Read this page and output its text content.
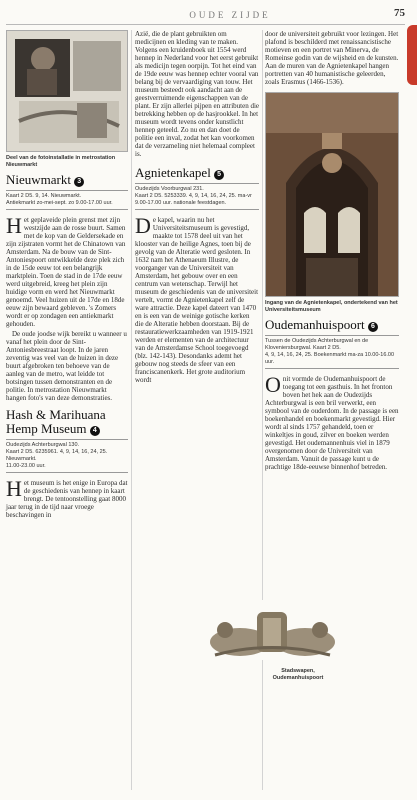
OUDE ZIJDE	75
Deel van de fotoinstallatie in metrostation Nieuwmarkt
Nieuwmarkt 3

Kaart 2 D5. 9, 14. Nieuwmarkt.

Antiekmarkt zo-mei-sept. zo 9.00-17.00 uur.

Het geplaveide plein grenst met zijn westzijde aan de rosse buurt. Samen met de kop van de Geldersekade en zijn zijstraten vormt het de Chinatown van Amsterdam. Na de bouw van de Sint-Antoniespoort ontwikkelde deze plek zich in de 15de eeuw tot een belangrijk marktplein. Toen de stad in de 17de eeuw werd uitgebreid, kreeg het plein zijn huidige vorm en werd het Nieuwmarkt genoemd. Veel huizen uit de 17de en 18de eeuw zijn bewaard gebleven. 's Zomers wordt er op zondagen een antiekmarkt gehouden.

De oude joodse wijk bereikt u wanneer u vanaf het plein door de Sint-Antoniesbreestraat loopt. In de jaren zeventig was veel van de huizen in deze buurt afgebroken ten behoeve van de aanleg van de metro, wat leidde tot botsingen tussen demonstranten en de politie. In metrostation Nieuwmarkt hangen foto's van deze demonstraties.

Hash & Marihuana Hemp Museum 4

Oudezijds Achterburgwal 130.

Kaart 2 D5. 6235961. 4, 9, 14, 16, 24, 25. Nieuwmarkt.

11.00-23.00 uur.

Het museum is het enige in Europa dat de geschiedenis van hennep in kaart brengt. De tentoonstelling gaat 8000 jaar terug in de tijd naar vroege beschavingen in

Azië, die de plant gebruikten om medicijnen en kleding van te maken. Volgens een kruidenboek uit 1554 werd hennep in Nederland voor het eerst gebruikt als medicijn tegen oorpijn. Tot het eind van de 19de eeuw was hennep echter vooral van belang bij de vervaardiging van touw. Het museum besteedt ook aandacht aan de geestverruimende eigenschappen van de plant. Er zijn allerlei pijpen en attributen die betrekking hebben op de hasjrookkel. In het museum wordt tevens onder kunstlicht hennep geteeld. Zo nu en dan doet de politie een inval, zodat het kan voorkomen dat de verzameling niet helemaal compleet is.

Agnietenkapel 5

Oudezijds Voorburgwal 231.

Kaart 2 D5. 5253339. 4, 9, 14, 16, 24, 25. ma-vr 9.00-17.00 uur. nationale feestdagen.

De kapel, waarin nu het Universiteitsmuseum is gevestigd, maakte tot 1578 deel uit van het klooster van de heilige Agnes, toen bij de gevolg van de Alteratie werd gesloten. In 1632 nam het Athenaeum Illustre, de voorganger van de Universiteit van Amsterdam, het gebouw over en een centrum van wetenschap. Terwijl het museum de geschiedenis van de universiteit vertelt, vormt de Agnietenkapel zelf de ware attractie. Deze kapel dateert van 1470 en is een van de weinige gotische kerken die de Alteratie hebben doorstaan. Bij de restauratiewerkzaamheden van 1919-1921 werden er elementen van de architectuur van de Amsterdamse School toegevoegd (blz. 142-143). Desondanks ademt het gebouw nog steeds de sfeer van een franciscanenkerk. Het grote auditorium wordt

door de universiteit gebruikt voor lezingen. Het plafond is beschilderd met renaissancistische motieven en een portret van Minerva, de Romeinse godin van de wijsheid en de kunsten. Aan de muren van de Agnietenkapel hangen portretten van 40 humanistische geleerden, zoals Erasmus (1466-1536).

Ingang van de Agnietenkapel, ondertekend van het Universiteitsmuseum
Oudemanhuispoort 6

Tussen de Oudezijds Achterburgwal en de Kloveniersburgwal. Kaart 2 D5.

4, 9, 14, 16, 24, 25. Boekenmarkt ma-za 10.00-16.00 uur.

Onit vormde de Oudemanhuispoort de toegang tot een gasthuis. In het fronton boven het hek aan de Oudezijds Achterburgwal is een bril verwerkt, een symbool van de ouderdom. In de passage is een boekenhandel en boekenmarkt gevestigd. Hier wordt al sinds 1757 gehandeld, toen er winkeltjes in goud, zilver en boeken werden gevestigd. Het oudemannenhuis viel in 1879 overgenomen door de Universiteit van Amsterdam. Vanuit de passage kunt u de prachtige 18de-eeuwse binnenhof betreden.

Stadswapen, Oudemanhuispoort
